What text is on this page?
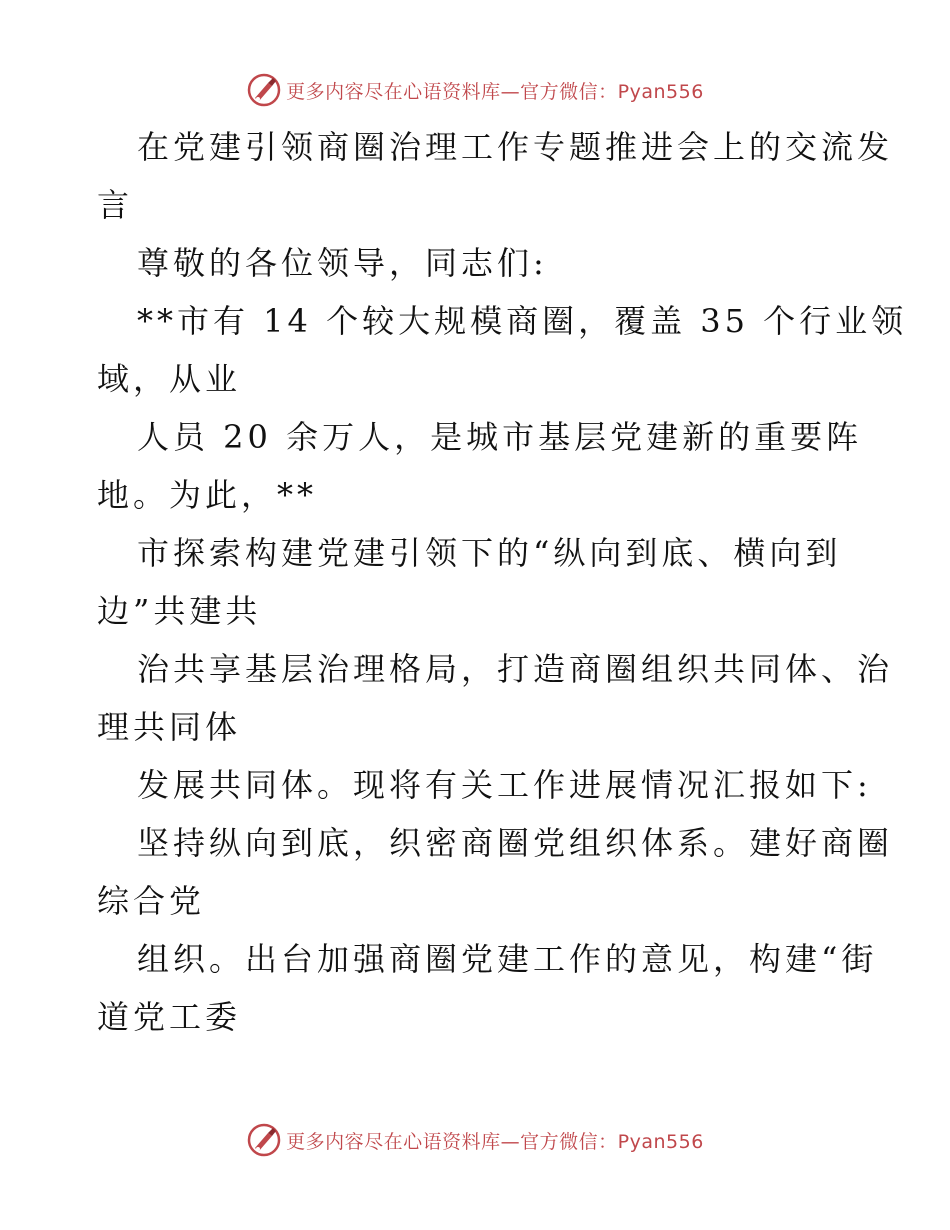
更多内容尽在心语资料库—官方微信：Pyan556
在党建引领商圈治理工作专题推进会上的交流发
言
尊敬的各位领导，同志们:
**市有 14 个较大规模商圈，覆盖 35 个行业领
域，从业
人员 20 余万人，是城市基层党建新的重要阵
地。为此，**
市探索构建党建引领下的“纵向到底、横向到
边”共建共
治共享基层治理格局，打造商圈组织共同体、治
理共同体
发展共同体。现将有关工作进展情况汇报如下:
坚持纵向到底，织密商圈党组织体系。建好商圈
综合党
组织。出台加强商圈党建工作的意见，构建“街
道党工委
更多内容尽在心语资料库—官方微信：Pyan556
